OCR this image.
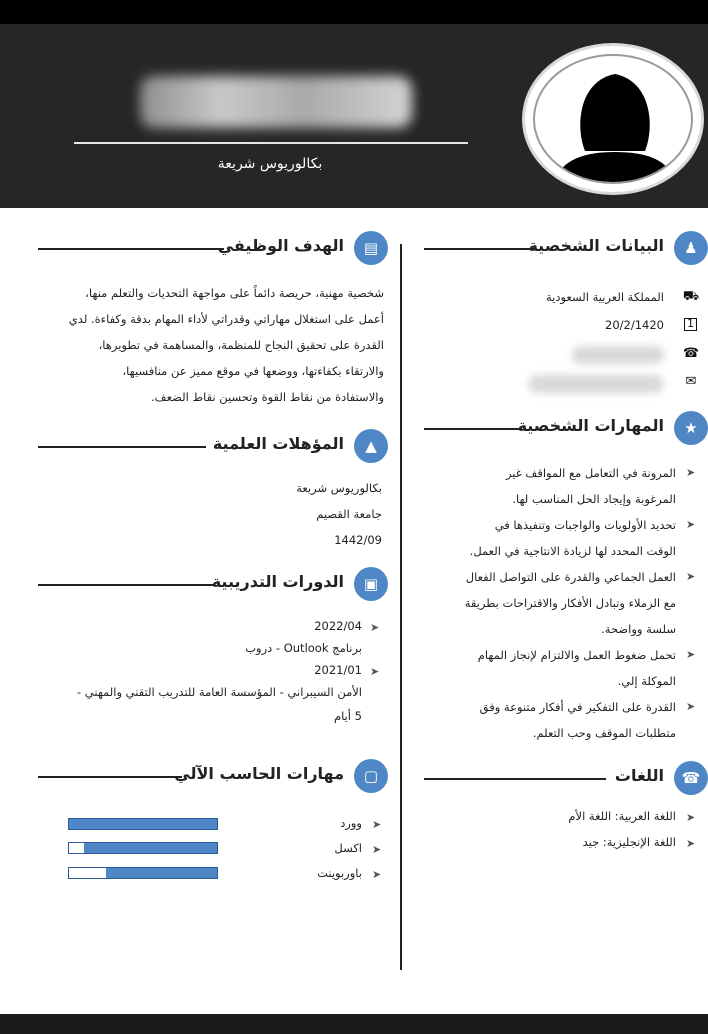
بكالوريوس شريعة
البيانات الشخصية	♟
⛟
المملكة العربية السعودية
1
20/2/1420
☎
✉
المهارات الشخصية	★
➤
المرونة في التعامل مع المواقف غير
المرغوبة وإيجاد الحل المناسب لها.
➤
تحديد الأولويات والواجبات وتنفيذها في
الوقت المحدد لها لزيادة الانتاجية في العمل.
➤
العمل الجماعي والقدرة على التواصل الفعال
مع الزملاء وتبادل الأفكار والاقتراحات بطريقة
سلسة وواضحة.
➤
تحمل ضغوط العمل والالتزام لإنجاز المهام
الموكلة إلي.
➤
القدرة على التفكير في أفكار متنوعة وفق
متطلبات الموقف وحب التعلم.
اللغات	☎
➤
اللغة العربية: اللغة الأم
➤
اللغة الإنجليزية: جيد
الهدف الوظيفي	▤
شخصية مهنية، حريصة دائماً على مواجهة التحديات والتعلم منها،
أعمل على استغلال مهاراتي وقدراتي لأداء المهام بدقة وكفاءة. لدي
القدرة على تحقيق النجاح للمنظمة، والمساهمة في تطويرها،
والارتقاء بكفاءتها، ووضعها في موقع مميز عن منافسيها،
والاستفادة من نقاط القوة وتحسين نقاط الضعف.
المؤهلات العلمية	▲
بكالوريوس شريعة
جامعة القصيم
1442/09
الدورات التدريبية	▣
➤
2022/04
برنامج Outlook - دروب
➤
2021/01
الأمن السيبراني - المؤسسة العامة للتدريب التقني والمهني -
5 أيام
مهارات الحاسب الآلي	▢
➤
وورد
➤
اكسل
➤
باوربوينت
